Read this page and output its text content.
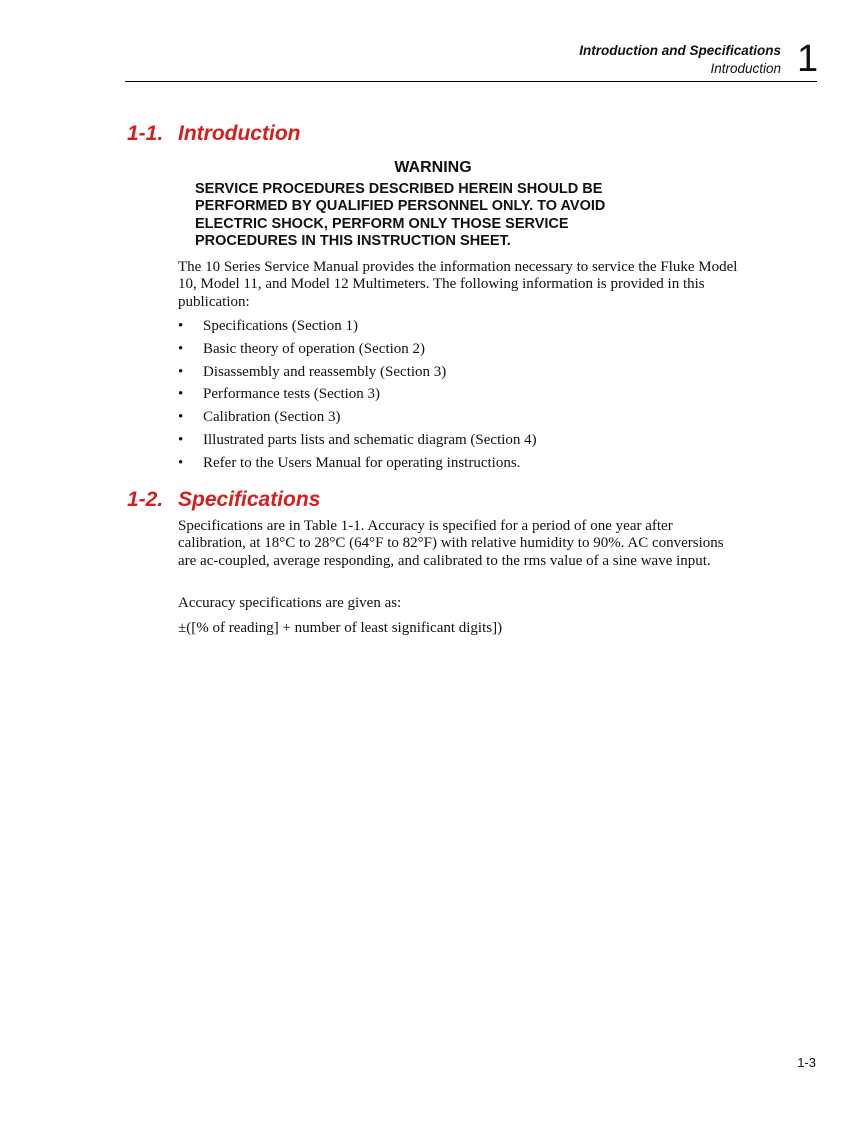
Introduction and Specifications
Introduction 1
1-1. Introduction
WARNING
SERVICE PROCEDURES DESCRIBED HEREIN SHOULD BE PERFORMED BY QUALIFIED PERSONNEL ONLY. TO AVOID ELECTRIC SHOCK, PERFORM ONLY THOSE SERVICE PROCEDURES IN THIS INSTRUCTION SHEET.
The 10 Series Service Manual provides the information necessary to service the Fluke Model 10, Model 11, and Model 12 Multimeters. The following information is provided in this publication:
• Specifications (Section 1)
• Basic theory of operation (Section 2)
• Disassembly and reassembly (Section 3)
• Performance tests (Section 3)
• Calibration (Section 3)
• Illustrated parts lists and schematic diagram (Section 4)
• Refer to the Users Manual for operating instructions.
1-2. Specifications
Specifications are in Table 1-1. Accuracy is specified for a period of one year after calibration, at 18°C to 28°C (64°F to 82°F) with relative humidity to 90%. AC conversions are ac-coupled, average responding, and calibrated to the rms value of a sine wave input.
Accuracy specifications are given as:
±([% of reading] + number of least significant digits])
1-3
